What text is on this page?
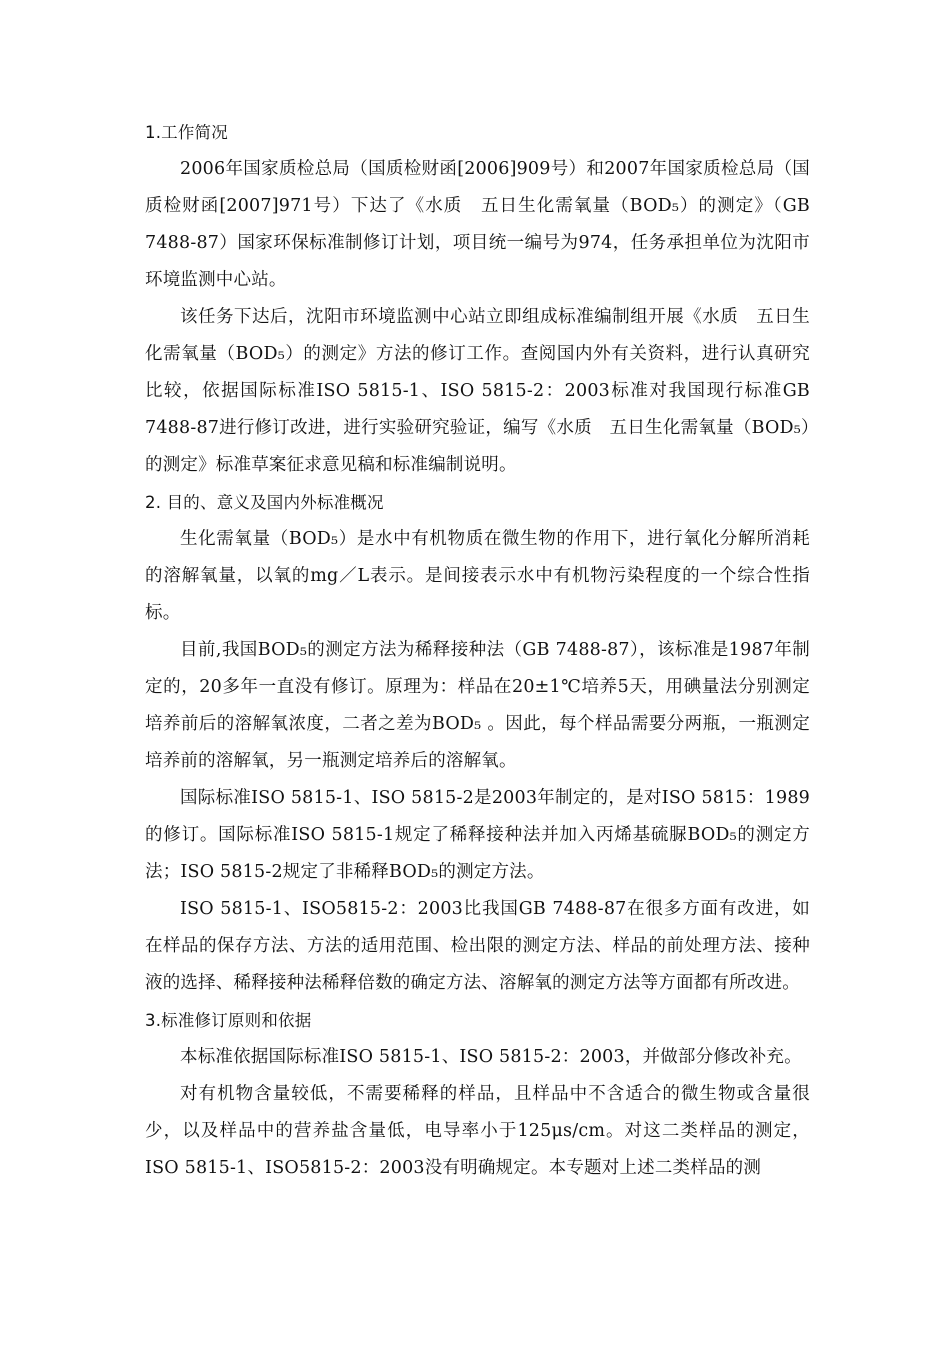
1.工作简况

2006年国家质检总局（国质检财函[2006]909号）和2007年国家质检总局（国质检财函[2007]971号）下达了《水质　五日生化需氧量（BOD₅）的测定》（GB 7488-87）国家环保标准制修订计划，项目统一编号为974，任务承担单位为沈阳市环境监测中心站。

该任务下达后，沈阳市环境监测中心站立即组成标准编制组开展《水质　五日生化需氧量（BOD₅）的测定》方法的修订工作。查阅国内外有关资料，进行认真研究比较，依据国际标准ISO 5815-1、ISO 5815-2：2003标准对我国现行标准GB 7488-87进行修订改进，进行实验研究验证，编写《水质　五日生化需氧量（BOD₅）的测定》标准草案征求意见稿和标准编制说明。

2. 目的、意义及国内外标准概况

生化需氧量（BOD₅）是水中有机物质在微生物的作用下，进行氧化分解所消耗的溶解氧量，以氧的mg／L表示。是间接表示水中有机物污染程度的一个综合性指标。

目前,我国BOD₅的测定方法为稀释接种法（GB 7488-87），该标准是1987年制定的，20多年一直没有修订。原理为：样品在20±1℃培养5天，用碘量法分别测定培养前后的溶解氧浓度，二者之差为BOD₅ 。因此，每个样品需要分两瓶，一瓶测定培养前的溶解氧，另一瓶测定培养后的溶解氧。

国际标准ISO 5815-1、ISO 5815-2是2003年制定的，是对ISO 5815：1989的修订。国际标准ISO 5815-1规定了稀释接种法并加入丙烯基硫脲BOD₅的测定方法；ISO 5815-2规定了非稀释BOD₅的测定方法。

ISO 5815-1、ISO5815-2：2003比我国GB 7488-87在很多方面有改进，如在样品的保存方法、方法的适用范围、检出限的测定方法、样品的前处理方法、接种液的选择、稀释接种法稀释倍数的确定方法、溶解氧的测定方法等方面都有所改进。

3.标准修订原则和依据

本标准依据国际标准ISO 5815-1、ISO 5815-2：2003，并做部分修改补充。

对有机物含量较低，不需要稀释的样品，且样品中不含适合的微生物或含量很少，以及样品中的营养盐含量低，电导率小于125μs/cm。对这二类样品的测定，ISO 5815-1、ISO5815-2：2003没有明确规定。本专题对上述二类样品的测
